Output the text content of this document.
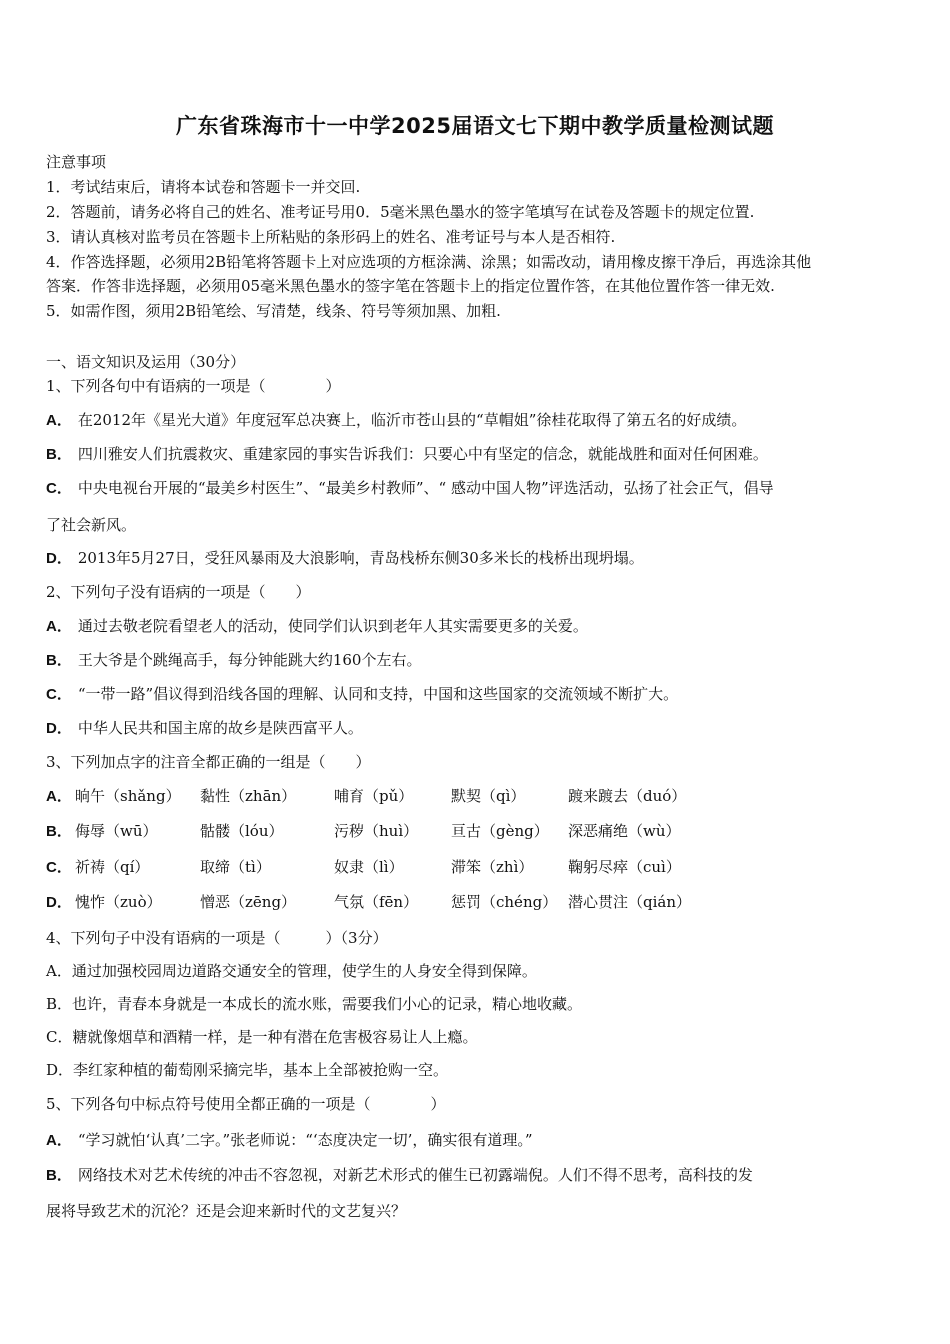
广东省珠海市十一中学2025届语文七下期中教学质量检测试题
注意事项
1．考试结束后，请将本试卷和答题卡一并交回.
2．答题前，请务必将自己的姓名、准考证号用0．5毫米黑色墨水的签字笔填写在试卷及答题卡的规定位置.
3．请认真核对监考员在答题卡上所粘贴的条形码上的姓名、准考证号与本人是否相符.
4．作答选择题，必须用2B铅笔将答题卡上对应选项的方框涂满、涂黑；如需改动，请用橡皮擦干净后，再选涂其他
答案．作答非选择题，必须用05毫米黑色墨水的签字笔在答题卡上的指定位置作答，在其他位置作答一律无效.
5．如需作图，须用2B铅笔绘、写清楚，线条、符号等须加黑、加粗.
一、语文知识及运用（30分）
1、下列各句中有语病的一项是（　　　　）
A． 在2012年《星光大道》年度冠军总决赛上，临沂市苍山县的“草帽姐”徐桂花取得了第五名的好成绩。
B． 四川雅安人们抗震救灾、重建家园的事实告诉我们：只要心中有坚定的信念，就能战胜和面对任何困难。
C． 中央电视台开展的“最美乡村医生”、“最美乡村教师”、“ 感动中国人物”评选活动，弘扬了社会正气，倡导
了社会新风。
D． 2013年5月27日，受狂风暴雨及大浪影响，青岛栈桥东侧30多米长的栈桥出现坍塌。
2、下列句子没有语病的一项是（　　）
A． 通过去敬老院看望老人的活动，使同学们认识到老年人其实需要更多的关爱。
B． 王大爷是个跳绳高手，每分钟能跳大约160个左右。
C． “一带一路”倡议得到沿线各国的理解、认同和支持，中国和这些国家的交流领域不断扩大。
D． 中华人民共和国主席的故乡是陕西富平人。
3、下列加点字的注音全都正确的一组是（　　）
A． 晌午（shǎng） 黏性（zhān）	哺育（pǔ）	默契（qì）	踱来踱去（duó）
B． 侮辱（wū）	骷髅（lóu）	污秽（huì） 亘古（gèng） 深恶痛绝（wù）
C． 祈祷（qí）	取缔（tì）	奴隶（lì）	滞笨（zhì） 鞠躬尽瘁（cuì）
D． 愧怍（zuò）	憎恶（zēng）	气氛（fēn） 惩罚（chéng） 潜心贯注（qián）
4、下列句子中没有语病的一项是（　　　）（3分）
A．通过加强校园周边道路交通安全的管理，使学生的人身安全得到保障。
B．也许，青春本身就是一本成长的流水账，需要我们小心的记录，精心地收藏。
C．糖就像烟草和酒精一样，是一种有潜在危害极容易让人上瘾。
D．李红家种植的葡萄刚采摘完毕，基本上全部被抢购一空。
5、下列各句中标点符号使用全都正确的一项是（　　　　）
A． “学习就怕‘认真’二字。”张老师说：“‘态度决定一切’，确实很有道理。”
B． 网络技术对艺术传统的冲击不容忽视，对新艺术形式的催生已初露端倪。人们不得不思考，高科技的发
展将导致艺术的沉沦？还是会迎来新时代的文艺复兴？
